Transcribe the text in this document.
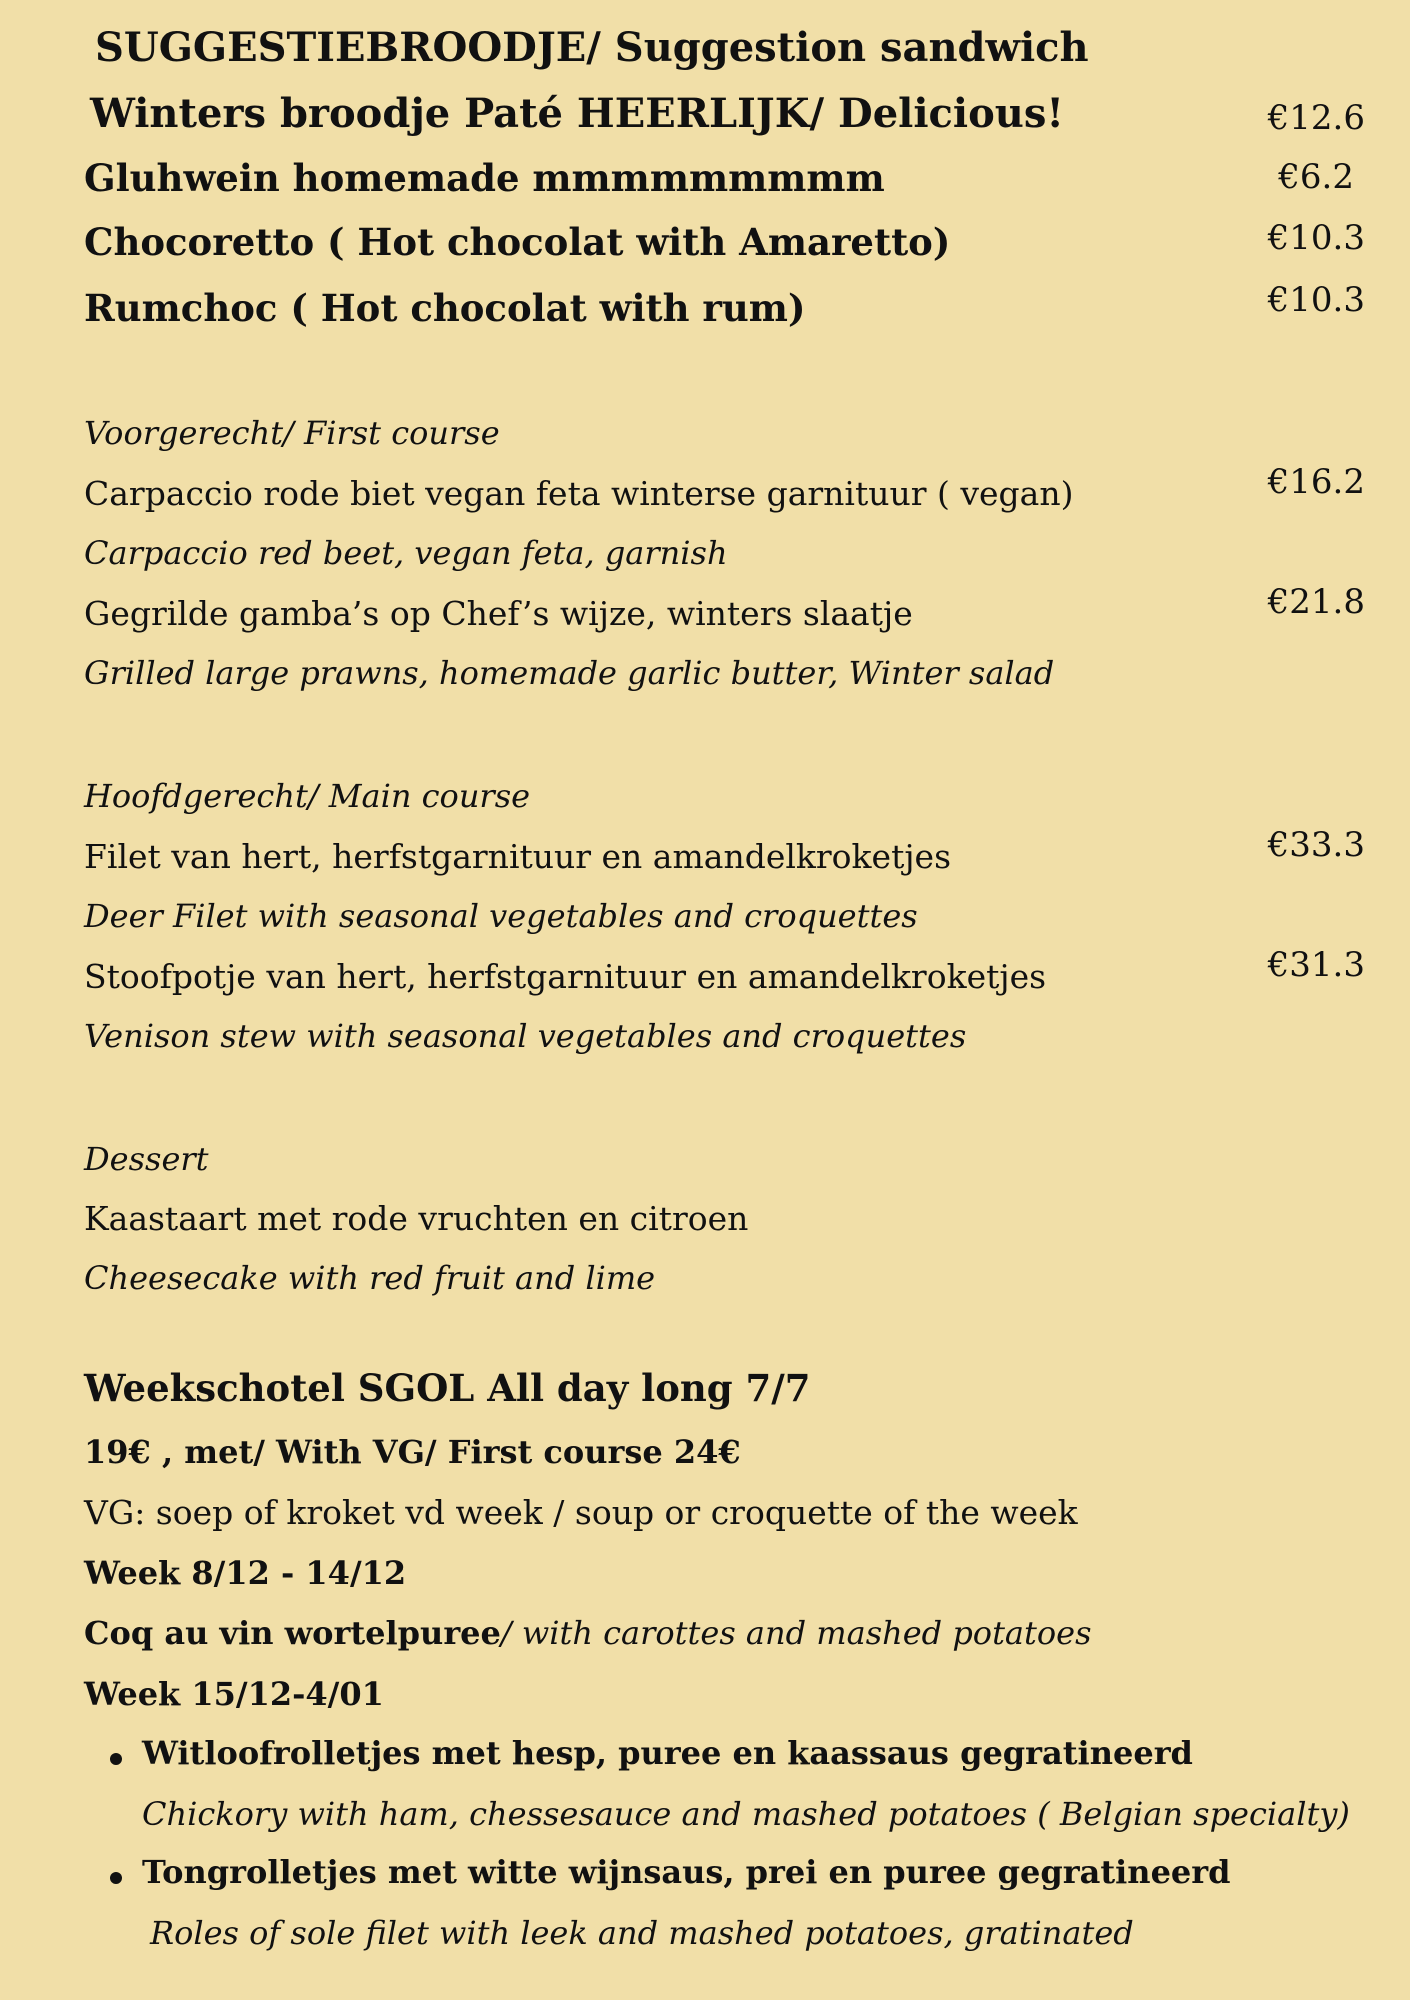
SUGGESTIEBROODJE/ Suggestion sandwich
Winters broodje Paté HEERLIJK/ Delicious!	€12.6
Gluhwein homemade mmmmmmmmm	€6.2
Chocoretto ( Hot chocolat with Amaretto)	€10.3
Rumchoc ( Hot chocolat with rum)	€10.3
Voorgerecht/ First course
Carpaccio rode biet vegan feta winterse garnituur ( vegan)	€16.2
Carpaccio red beet, vegan feta, garnish
Gegrilde gamba’s op Chef’s wijze, winters slaatje	€21.8
Grilled large prawns, homemade garlic butter, Winter salad
Hoofdgerecht/ Main course
Filet van hert, herfstgarnituur en amandelkroketjes	€33.3
Deer Filet with seasonal vegetables and croquettes
Stoofpotje van hert, herfstgarnituur en amandelkroketjes	€31.3
Venison stew with seasonal vegetables and croquettes
Dessert
Kaastaart met rode vruchten en citroen
Cheesecake with red fruit and lime
Weekschotel SGOL All day long 7/7
19€ , met/ With VG/ First course 24€
VG: soep of kroket vd week / soup or croquette of the week
Week 8/12 - 14/12
Coq au vin wortelpuree/ with carottes and mashed potatoes
Week 15/12-4/01
Witloofrolletjes met hesp, puree en kaassaus gegratineerd
Chickory with ham, chessesauce and mashed potatoes ( Belgian specialty)
Tongrolletjes met witte wijnsaus, prei en puree gegratineerd
Roles of sole filet with leek and mashed potatoes, gratinated
